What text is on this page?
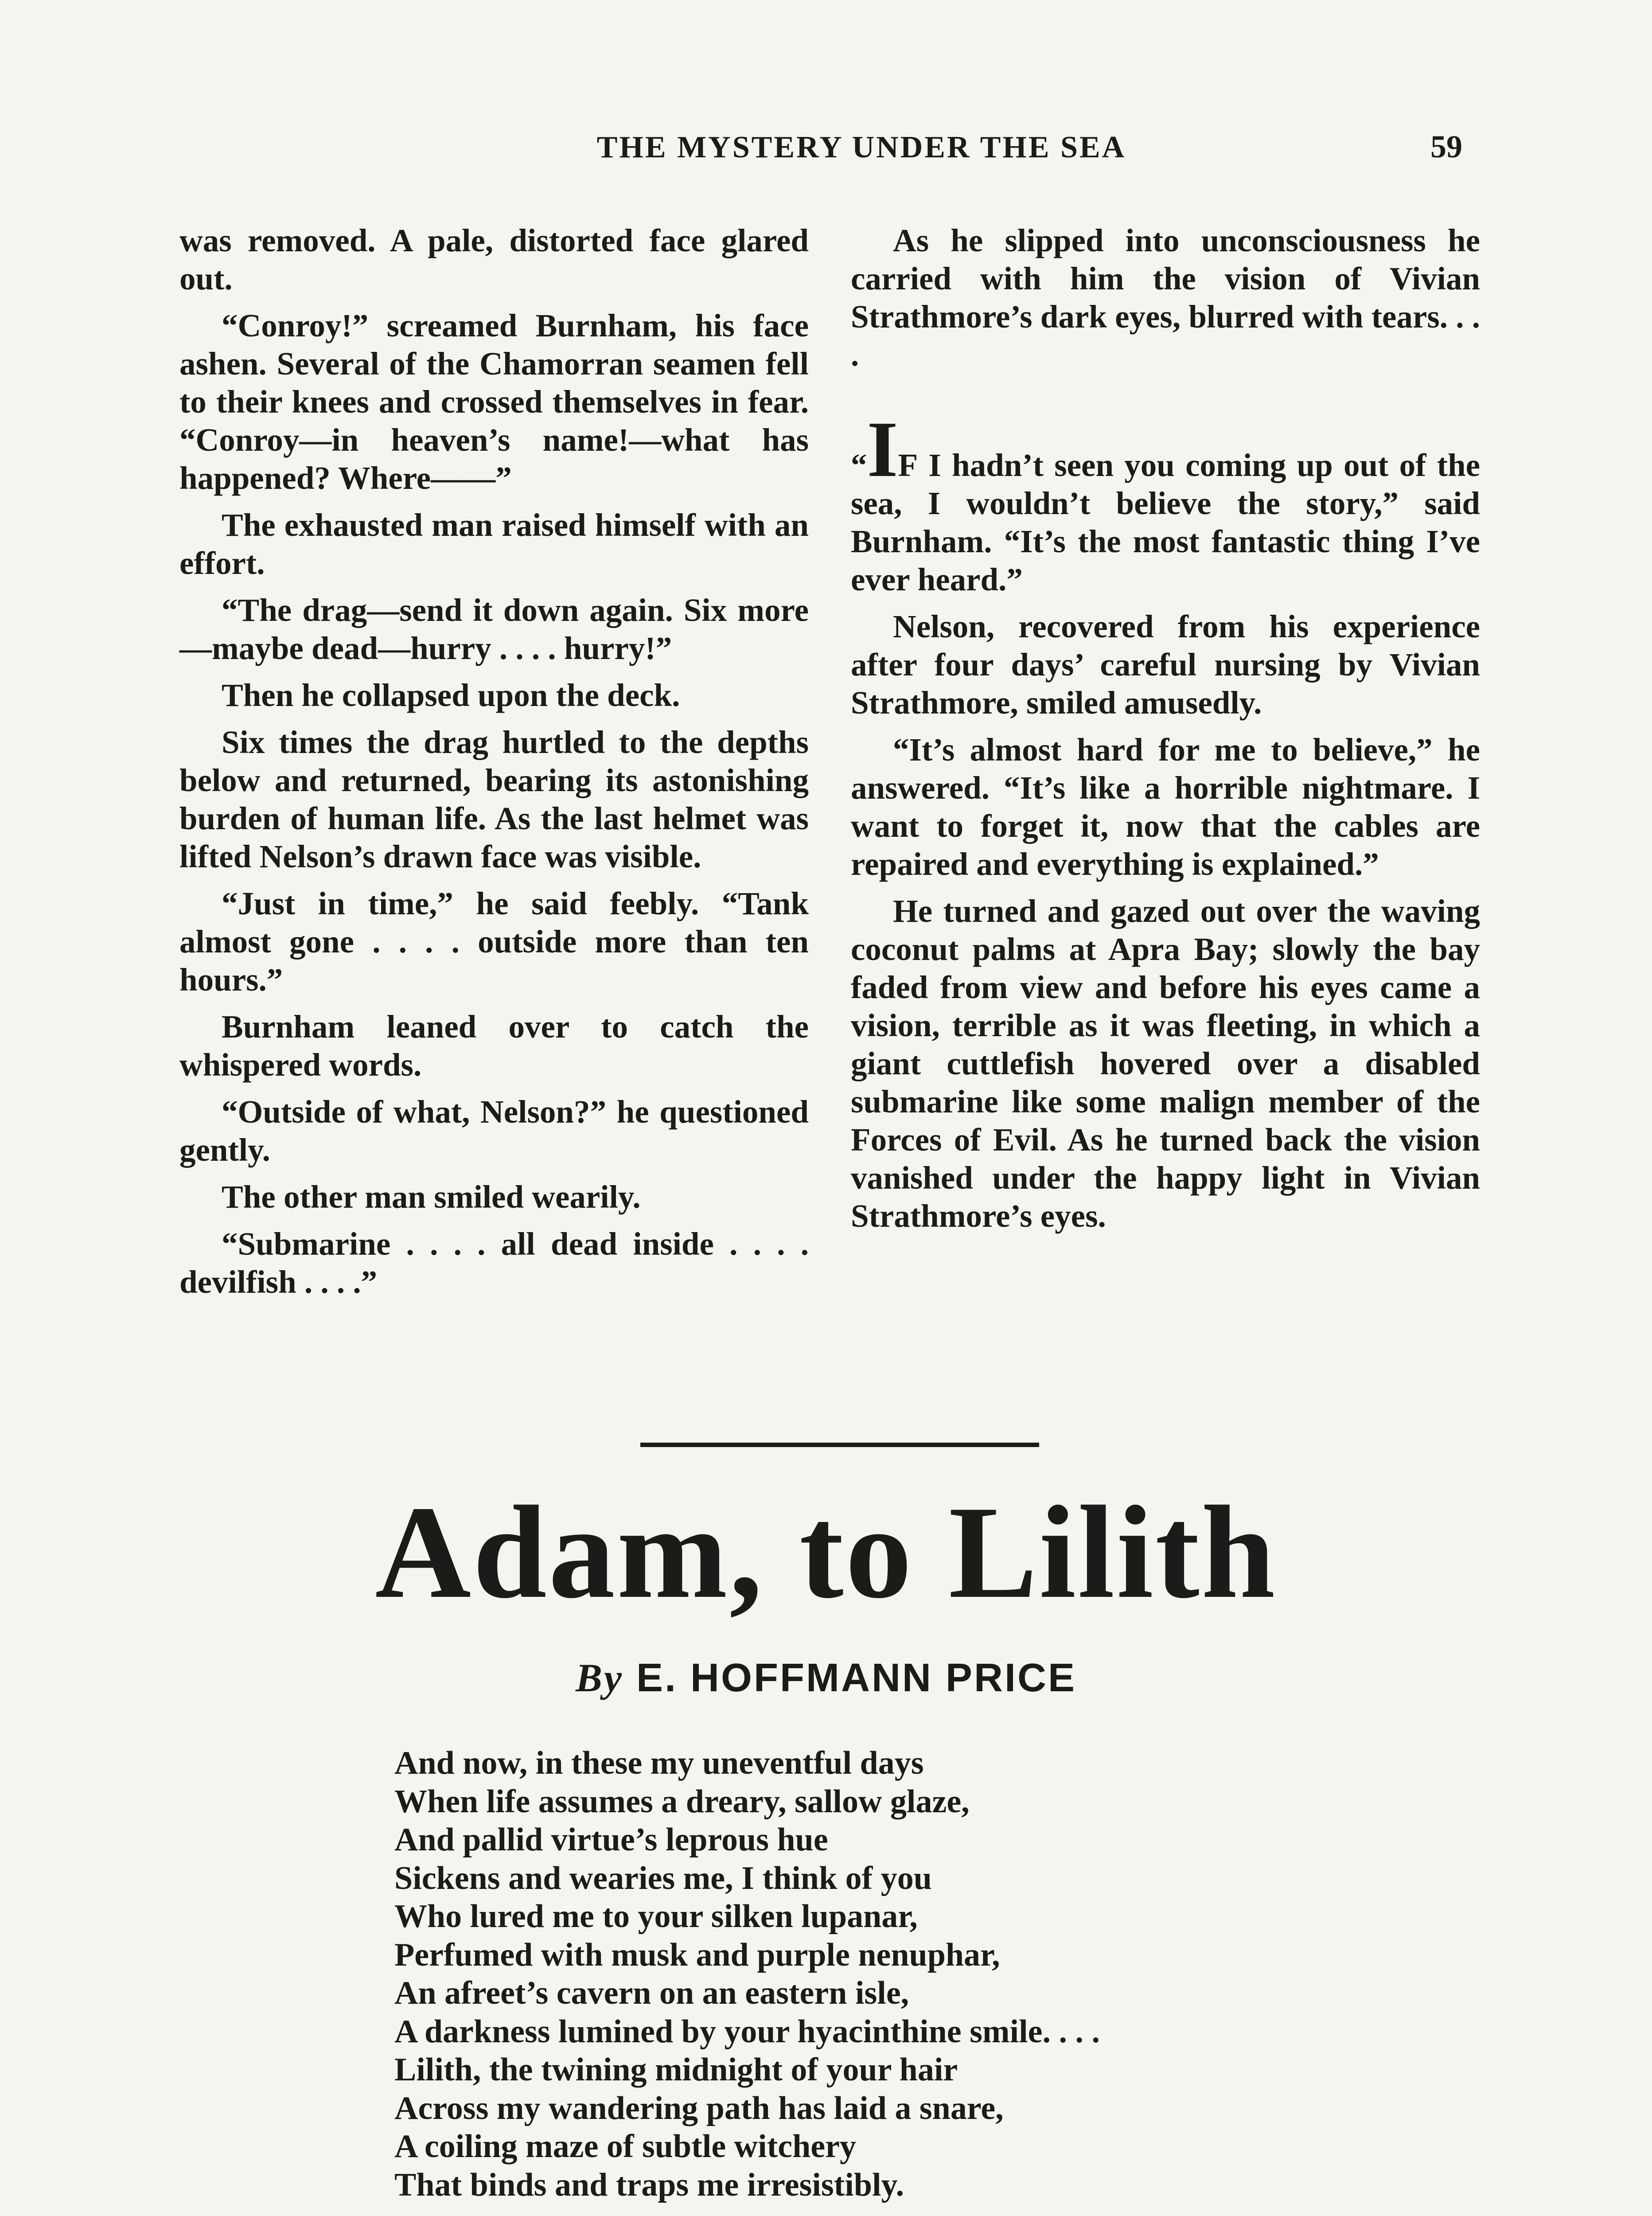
THE MYSTERY UNDER THE SEA	59

was removed. A pale, distorted face glared out.

“Conroy!” screamed Burnham, his face ashen. Several of the Chamorran seamen fell to their knees and crossed themselves in fear. “Conroy—in heaven’s name!—what has happened? Where——”

The exhausted man raised himself with an effort.

“The drag—send it down again. Six more—maybe dead—hurry . . . . hurry!”

Then he collapsed upon the deck.

Six times the drag hurtled to the depths below and returned, bearing its astonishing burden of human life. As the last helmet was lifted Nelson’s drawn face was visible.

“Just in time,” he said feebly. “Tank almost gone . . . . outside more than ten hours.”

Burnham leaned over to catch the whispered words.

“Outside of what, Nelson?” he questioned gently.

The other man smiled wearily.

“Submarine . . . . all dead inside . . . . devilfish . . . .”

As he slipped into unconsciousness he carried with him the vision of Vivian Strathmore’s dark eyes, blurred with tears. . . .

“IF I hadn’t seen you coming up out of the sea, I wouldn’t believe the story,” said Burnham. “It’s the most fantastic thing I’ve ever heard.”

Nelson, recovered from his experience after four days’ careful nursing by Vivian Strathmore, smiled amusedly.

“It’s almost hard for me to believe,” he answered. “It’s like a horrible nightmare. I want to forget it, now that the cables are repaired and everything is explained.”

He turned and gazed out over the waving coconut palms at Apra Bay; slowly the bay faded from view and before his eyes came a vision, terrible as it was fleeting, in which a giant cuttlefish hovered over a disabled submarine like some malign member of the Forces of Evil. As he turned back the vision vanished under the happy light in Vivian Strathmore’s eyes.

Adam, to Lilith
By E. HOFFMANN PRICE
And now, in these my uneventful days
When life assumes a dreary, sallow glaze,
And pallid virtue’s leprous hue
Sickens and wearies me, I think of you
Who lured me to your silken lupanar,
Perfumed with musk and purple nenuphar,
An afreet’s cavern on an eastern isle,
A darkness lumined by your hyacinthine smile. . . .
Lilith, the twining midnight of your hair
Across my wandering path has laid a snare,
A coiling maze of subtle witchery
That binds and traps me irresistibly.
